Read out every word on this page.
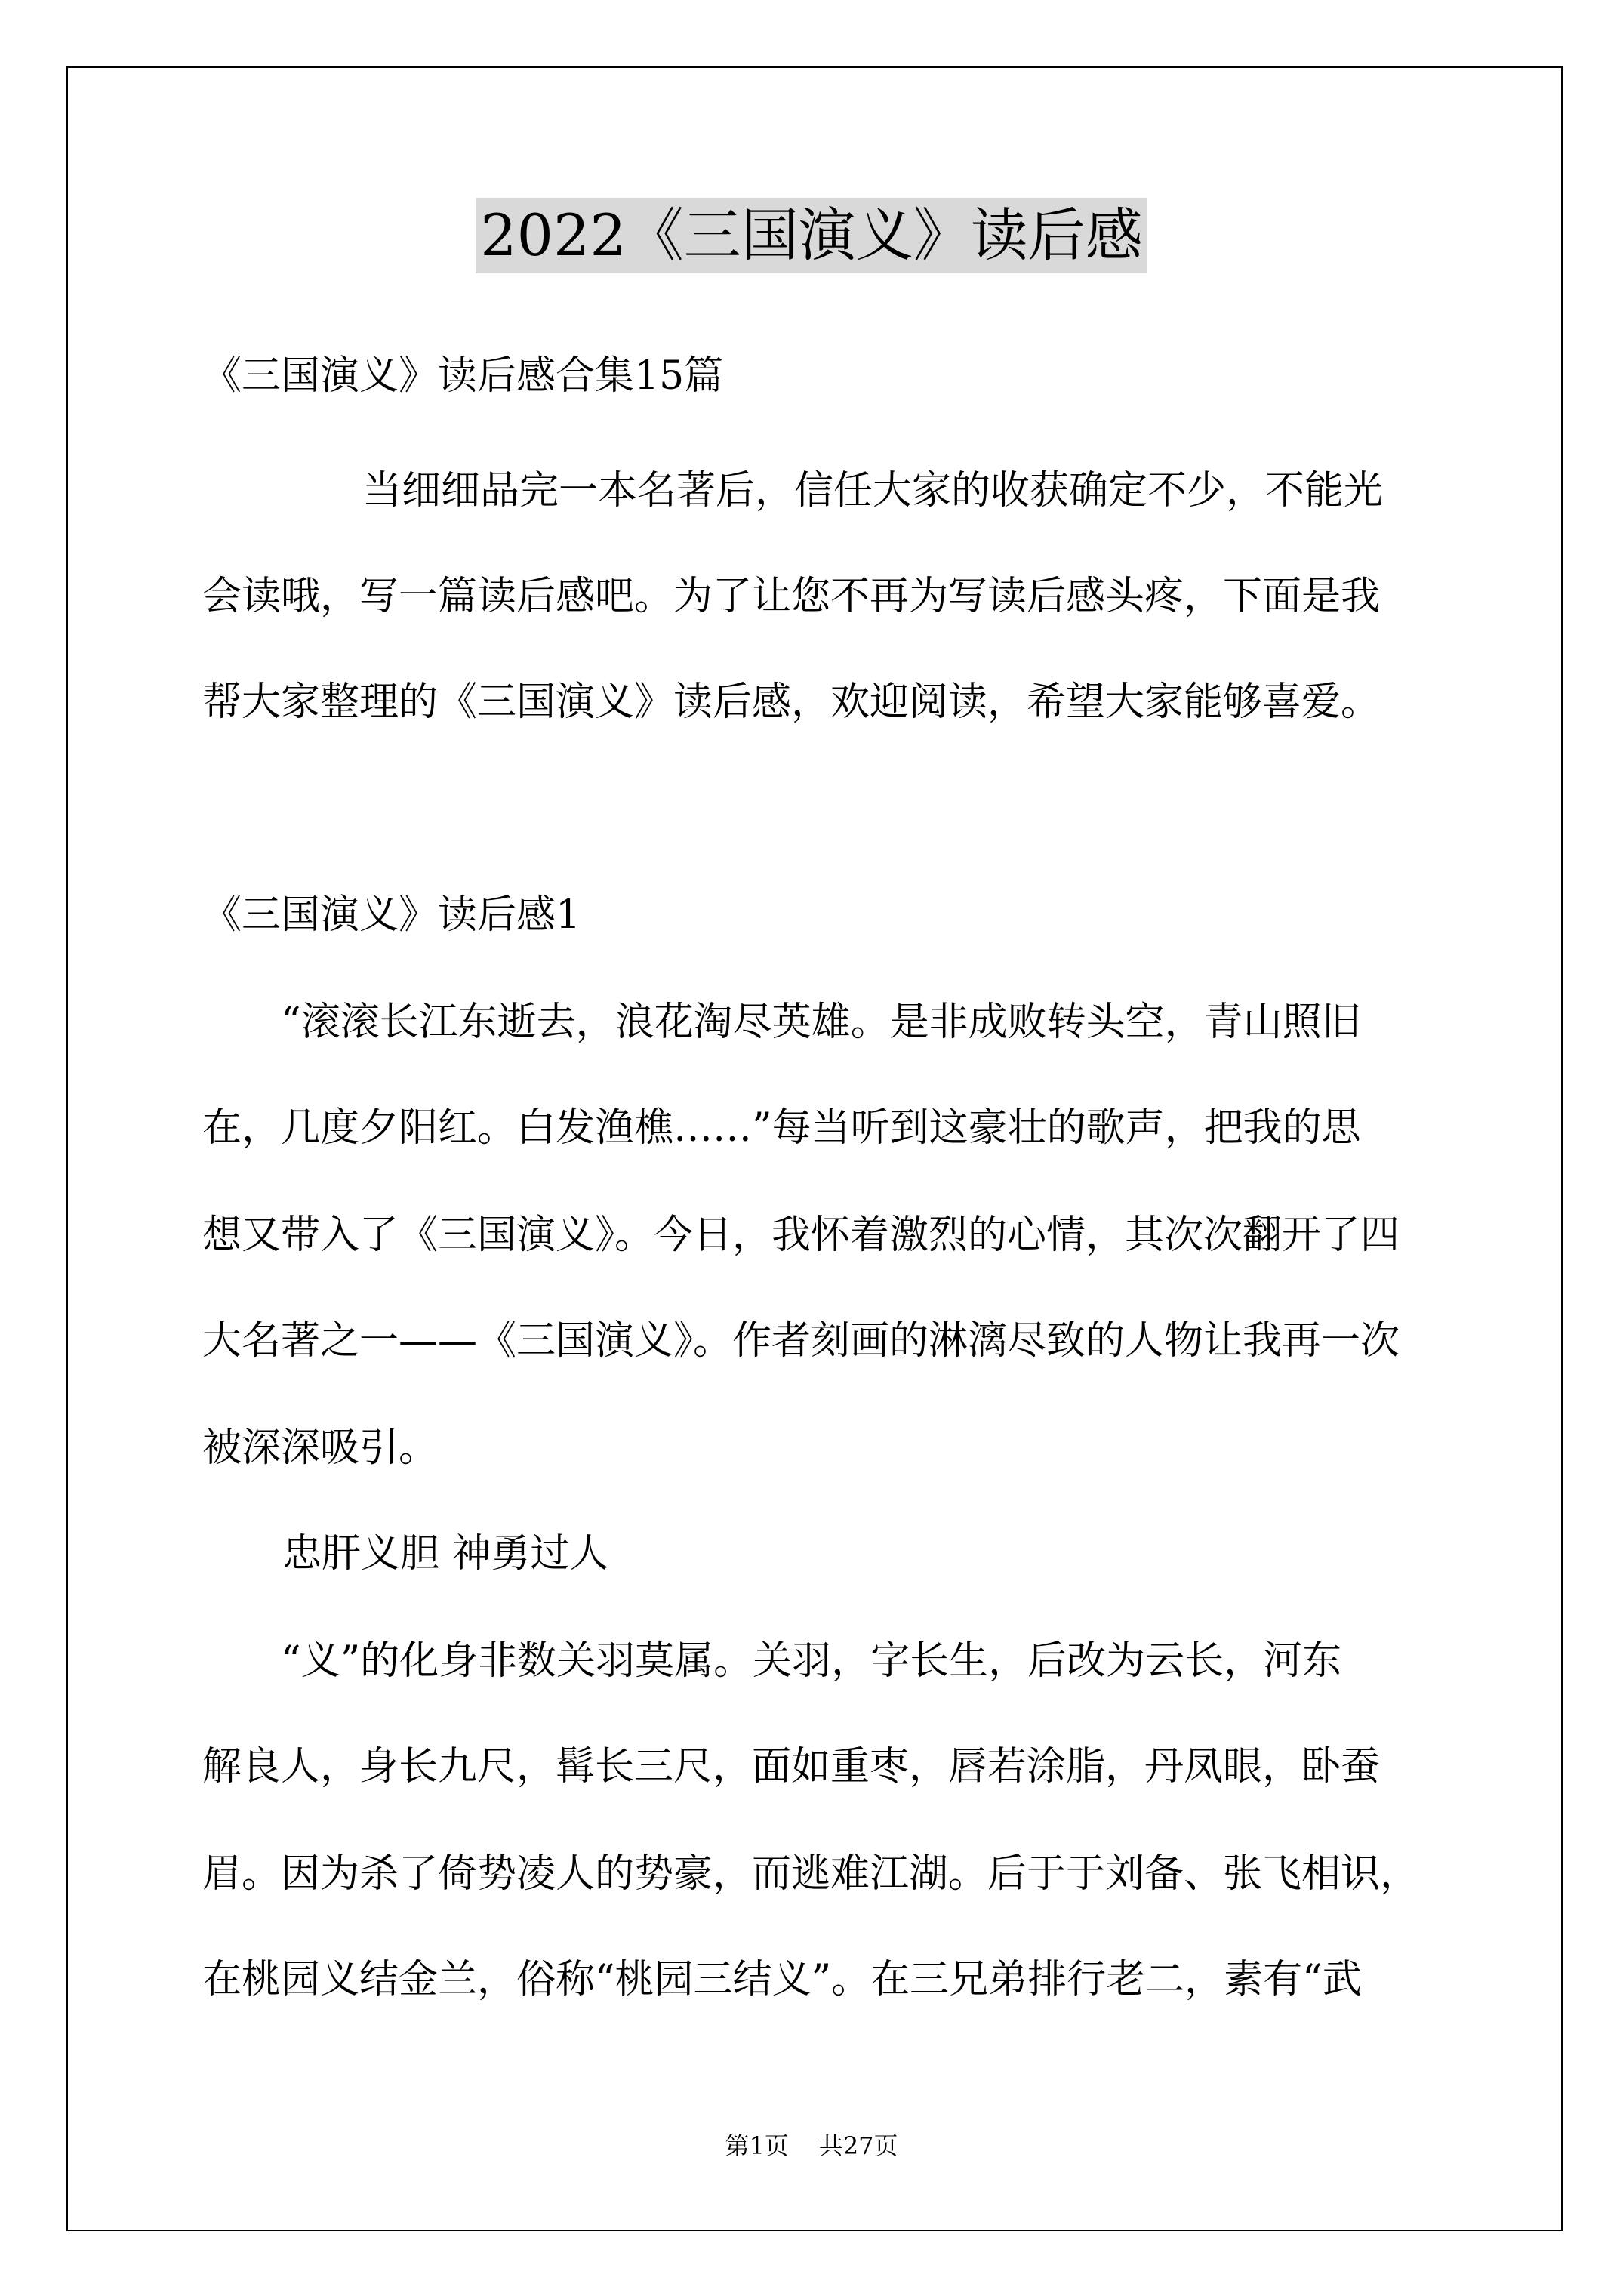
2022《三国演义》读后感

《三国演义》读后感合集15篇

当细细品完一本名著后，信任大家的收获确定不少，不能光

会读哦，写一篇读后感吧。为了让您不再为写读后感头疼，下面是我

帮大家整理的《三国演义》读后感，欢迎阅读，希望大家能够喜爱。

《三国演义》读后感1

“滚滚长江东逝去，浪花淘尽英雄。是非成败转头空，青山照旧

在，几度夕阳红。白发渔樵……”每当听到这豪壮的歌声，把我的思

想又带入了《三国演义》。今日，我怀着激烈的心情，其次次翻开了四

大名著之一——《三国演义》。作者刻画的淋漓尽致的人物让我再一次

被深深吸引。

忠肝义胆 神勇过人

“义”的化身非数关羽莫属。关羽，字长生，后改为云长，河东

解良人，身长九尺，髯长三尺，面如重枣，唇若涂脂，丹凤眼，卧蚕

眉。因为杀了倚势凌人的势豪，而逃难江湖。后于于刘备、张飞相识，

在桃园义结金兰，俗称“桃园三结义”。在三兄弟排行老二，素有“武

第1页 共27页
